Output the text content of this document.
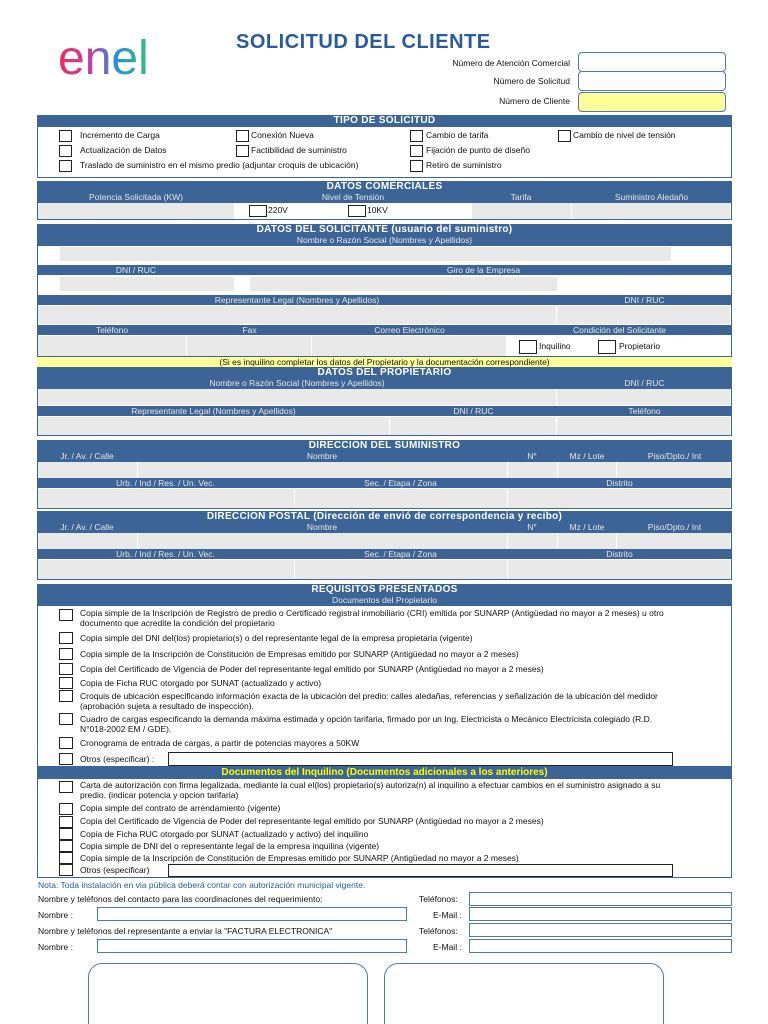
enel	SOLICITUD DEL CLIENTE
Número de Atención Comercial
Número de Solicitud
Número de Cliente
TIPO DE SOLICITUD
Incremento de Carga	Conexión Nueva	Cambio de tarifa	Cambio de nivel de tensión
Actualización de Datos	Factibilidad de suministro	Fijación de punto de diseño
Traslado de suministro en el mismo predio (adjuntar croquis de ubicación)	Retiro de suministro
DATOS COMERCIALES
Potencia Solicitada (KW)	Nivel de Tensión	Tarifa	Suministro Aledaño
220V	10KV
DATOS DEL SOLICITANTE (usuario del suministro)
Nombre o Razón Social (Nombres y Apellidos)
DNI / RUC	Giro de la Empresa
Representante Legal (Nombres y Apellidos)	DNI / RUC
Teléfono	Fax	Correo Electrónico	Condición del Solicitante
Inquilino	Propietario
(Si es inquilino completar los datos del Propietario y la documentación correspondiente)
DATOS DEL PROPIETARIO
Nombre o Razón Social (Nombres y Apellidos)	DNI / RUC
Representante Legal (Nombres y Apellidos)	DNI / RUC	Teléfono
DIRECCION DEL SUMINISTRO
Jr. / Av. / Calle	Nombre	N°	Mz / Lote	Piso/Dpto./ Int
Urb. / Ind / Res. / Un. Vec.	Sec. / Etapa / Zona	Distrito
DIRECCION POSTAL (Dirección de envió de correspondencia y recibo)
Jr. / Av. / Calle	Nombre	N°	Mz / Lote	Piso/Dpto./ Int
Urb. / Ind / Res. / Un. Vec.	Sec. / Etapa / Zona	Distrito
REQUISITOS PRESENTADOS
Documentos del Propietario
Copia simple de la Inscripción de Registro de predio o Certificado registral inmobiliario (CRI) emitida por SUNARP (Antigüedad no mayor a 2 meses) u otro documento que acredite la condición del propietario
Copia simple del DNI del(los) propietario(s) o del representante legal de la empresa propietaria (vigente)
Copia simple de la Inscripción de Constitución de Empresas emitido por SUNARP (Antigüedad no mayor a 2 meses)
Copia del Certificado de Vigencia de Poder del representante legal emitido por SUNARP (Antigüedad no mayor a 2 meses)
Copia de Ficha RUC otorgado por SUNAT (actualizado y activo)
Croquis de ubicación especificando información exacta de la ubicación del predio: calles aledañas, referencias y señalización de la ubicación del medidor (aprobación sujeta a resultado de inspección).
Cuadro de cargas especificando la demanda máxima estimada y opción tarifaria, firmado por un Ing. Electricista o Mecánico Electricista colegiado (R.D. N°018-2002 EM / GDE).
Cronograma de entrada de cargas, a partir de potencias mayores a 50KW
Otros (especificar) :
Documentos del Inquilino (Documentos adicionales a los anteriores)
Carta de autorización con firma legalizada, mediante la cual el(los) propietario(s) autoriza(n) al inquilino a efectuar cambios en el suministro asignado a su predio. (indicar potencia y opcion tarifaria)
Copia simple del contrato de arrendamiento (vigente)
Copia del Certificado de Vigencia de Poder del representante legal emitido por SUNARP (Antigüedad no mayor a 2 meses)
Copia de Ficha RUC otorgado por SUNAT (actualizado y activo) del inquilino
Copia simple de DNI del o representante legal de la empresa inquilina (vigente)
Copia simple de la Inscripción de Constitución de Empresas emitido por SUNARP (Antigüedad no mayor a 2 meses)
Otros (especificar)
Nota: Toda instalación en via pública deberá contar con autorización municipal vigente.
Nombre y teléfonos del contacto para las coordinaciones del requerimiento:	Teléfonos:
Nombre :	E-Mail :
Nombre y teléfonos del representante a enviar la "FACTURA ELECTRONICA"	Teléfonos:
Nombre :	E-Mail :
